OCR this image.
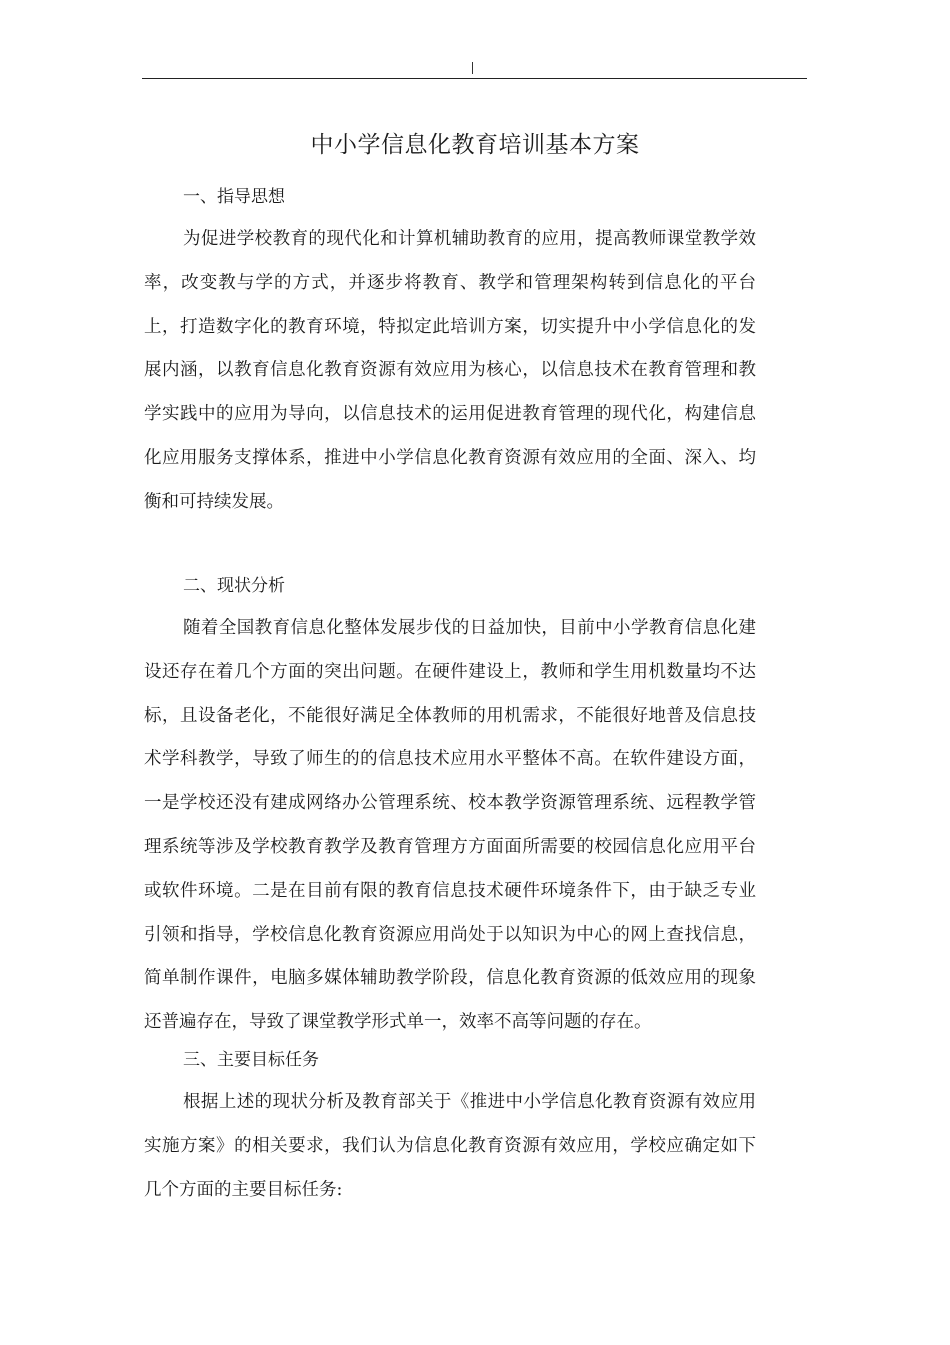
中小学信息化教育培训基本方案
一、指导思想

为促进学校教育的现代化和计算机辅助教育的应用，提高教师课堂教学效率，改变教与学的方式，并逐步将教育、教学和管理架构转到信息化的平台上，打造数字化的教育环境，特拟定此培训方案，切实提升中小学信息化的发展内涵，以教育信息化教育资源有效应用为核心，以信息技术在教育管理和教学实践中的应用为导向，以信息技术的运用促进教育管理的现代化，构建信息化应用服务支撑体系，推进中小学信息化教育资源有效应用的全面、深入、均衡和可持续发展。

二、现状分析

随着全国教育信息化整体发展步伐的日益加快，目前中小学教育信息化建设还存在着几个方面的突出问题。在硬件建设上，教师和学生用机数量均不达标，且设备老化，不能很好满足全体教师的用机需求，不能很好地普及信息技术学科教学，导致了师生的的信息技术应用水平整体不高。在软件建设方面，一是学校还没有建成网络办公管理系统、校本教学资源管理系统、远程教学管理系统等涉及学校教育教学及教育管理方方面面所需要的校园信息化应用平台或软件环境。二是在目前有限的教育信息技术硬件环境条件下，由于缺乏专业引领和指导，学校信息化教育资源应用尚处于以知识为中心的网上查找信息，简单制作课件，电脑多媒体辅助教学阶段，信息化教育资源的低效应用的现象还普遍存在，导致了课堂教学形式单一，效率不高等问题的存在。

三、主要目标任务

根据上述的现状分析及教育部关于《推进中小学信息化教育资源有效应用实施方案》的相关要求，我们认为信息化教育资源有效应用，学校应确定如下几个方面的主要目标任务:
